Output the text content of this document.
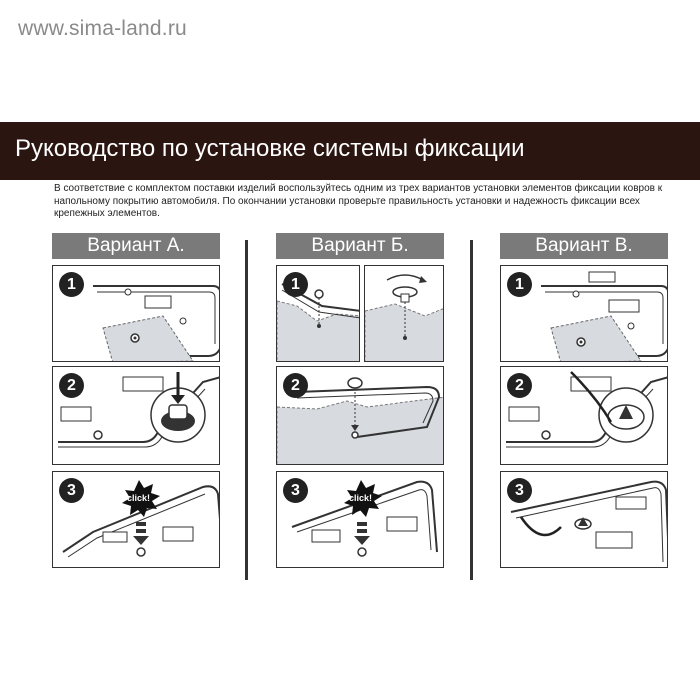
www.sima-land.ru
Руководство по установке системы фиксации
В соответствие с комплектом поставки изделий воспользуйтесь одним из трех вариантов установки элементов фиксации ковров к напольному покрытию автомобиля. По окончании установки проверьте правильность установки и надежность фиксации всех крепежных элементов.
Вариант А.
1
2
3	click!
Вариант Б.
1
2
3	click!
Вариант В.
1
2
3
